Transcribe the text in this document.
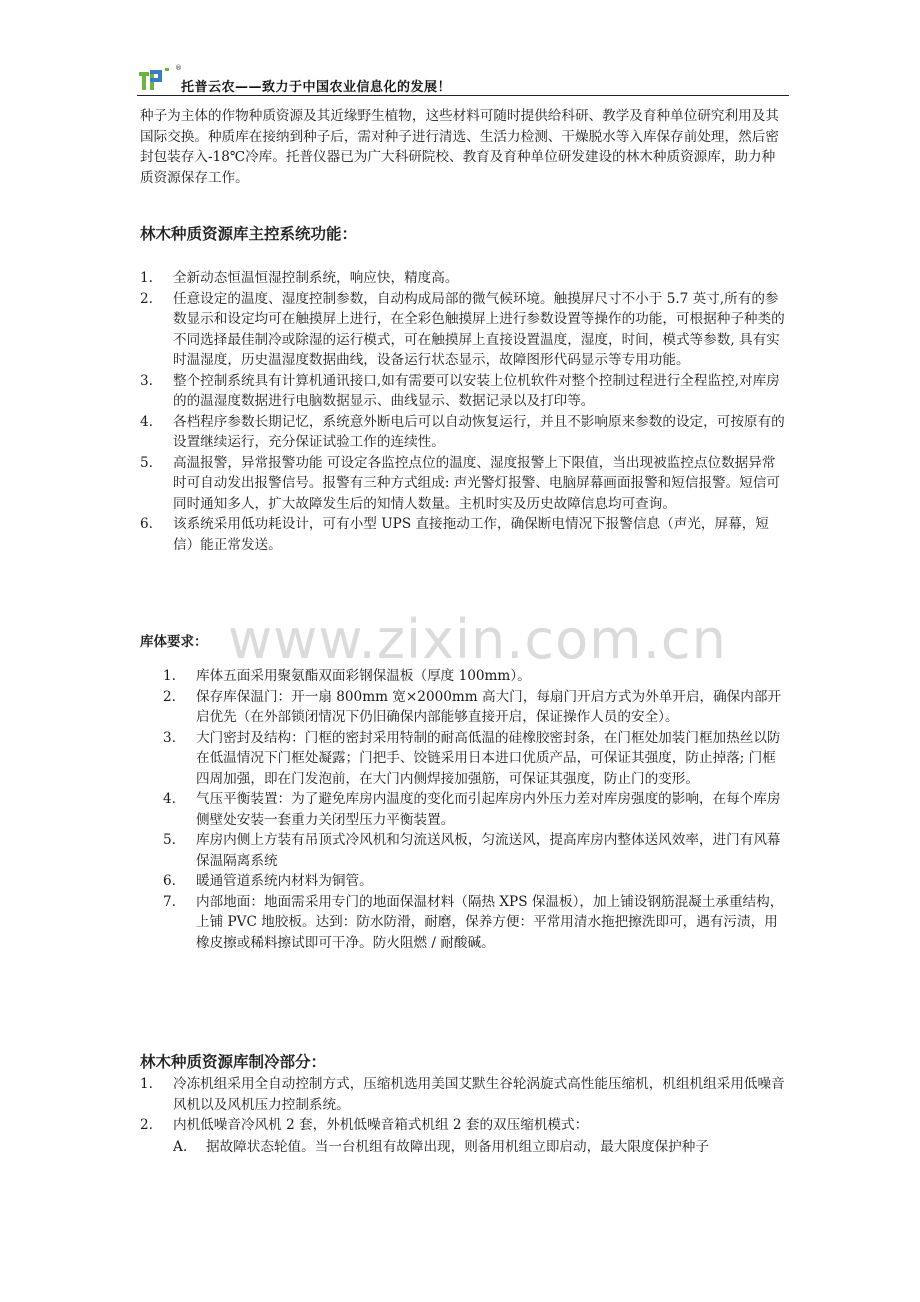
®
托普云农——致力于中国农业信息化的发展！
种子为主体的作物种质资源及其近缘野生植物，这些材料可随时提供给科研、教学及育种单位研究利用及其国际交换。种质库在接纳到种子后，需对种子进行清选、生活力检测、干燥脱水等入库保存前处理，然后密封包装存入-18℃冷库。托普仪器已为广大科研院校、教育及育种单位研发建设的林木种质资源库，助力种质资源保存工作。
林木种质资源库主控系统功能：
1. 全新动态恒温恒湿控制系统，响应快，精度高。
2. 任意设定的温度、湿度控制参数，自动构成局部的微气候环境。触摸屏尺寸不小于 5.7 英寸,所有的参数显示和设定均可在触摸屏上进行，在全彩色触摸屏上进行参数设置等操作的功能，可根据种子种类的不同选择最佳制冷或除湿的运行模式，可在触摸屏上直接设置温度，湿度，时间，模式等参数, 具有实时温湿度，历史温湿度数据曲线，设备运行状态显示，故障图形代码显示等专用功能。
3. 整个控制系统具有计算机通讯接口,如有需要可以安装上位机软件对整个控制过程进行全程监控,对库房的的温湿度数据进行电脑数据显示、曲线显示、数据记录以及打印等。
4. 各档程序参数长期记忆，系统意外断电后可以自动恢复运行，并且不影响原来参数的设定，可按原有的设置继续运行，充分保证试验工作的连续性。
5. 高温报警，异常报警功能 可设定各监控点位的温度、湿度报警上下限值，当出现被监控点位数据异常时可自动发出报警信号。报警有三种方式组成: 声光警灯报警、电脑屏幕画面报警和短信报警。短信可同时通知多人，扩大故障发生后的知情人数量。主机时实及历史故障信息均可查询。
6. 该系统采用低功耗设计，可有小型 UPS 直接拖动工作，确保断电情况下报警信息（声光，屏幕，短信）能正常发送。
www.zixin.com.cn
库体要求：
1. 库体五面采用聚氨酯双面彩钢保温板（厚度 100mm）。
2. 保存库保温门：开一扇 800mm 宽×2000mm 高大门，每扇门开启方式为外单开启，确保内部开启优先（在外部锁闭情况下仍旧确保内部能够直接开启，保证操作人员的安全）。
3. 大门密封及结构：门框的密封采用特制的耐高低温的硅橡胶密封条，在门框处加装门框加热丝以防在低温情况下门框处凝露；门把手、饺链采用日本进口优质产品，可保证其强度，防止掉落; 门框四周加强，即在门发泡前，在大门内侧焊接加强筋，可保证其强度，防止门的变形。
4. 气压平衡装置：为了避免库房内温度的变化而引起库房内外压力差对库房强度的影响，在每个库房侧壁处安装一套重力关闭型压力平衡装置。
5. 库房内侧上方装有吊顶式冷风机和匀流送风板，匀流送风，提高库房内整体送风效率，进门有风幕保温隔离系统
6. 暖通管道系统内材料为铜管。
7. 内部地面：地面需采用专门的地面保温材料（隔热 XPS 保温板），加上铺设钢筋混凝土承重结构，上铺 PVC 地胶板。达到：防水防滑，耐磨，保养方便：平常用清水拖把擦洗即可，遇有污渍，用橡皮擦或稀料擦试即可干净。防火阻燃 / 耐酸碱。
林木种质资源库制冷部分：
1. 冷冻机组采用全自动控制方式，压缩机选用美国艾默生谷轮涡旋式高性能压缩机，机组机组采用低噪音风机以及风机压力控制系统。
2. 内机低噪音冷风机 2 套，外机低噪音箱式机组 2 套的双压缩机模式：
A. 据故障状态轮值。当一台机组有故障出现，则备用机组立即启动，最大限度保护种子
